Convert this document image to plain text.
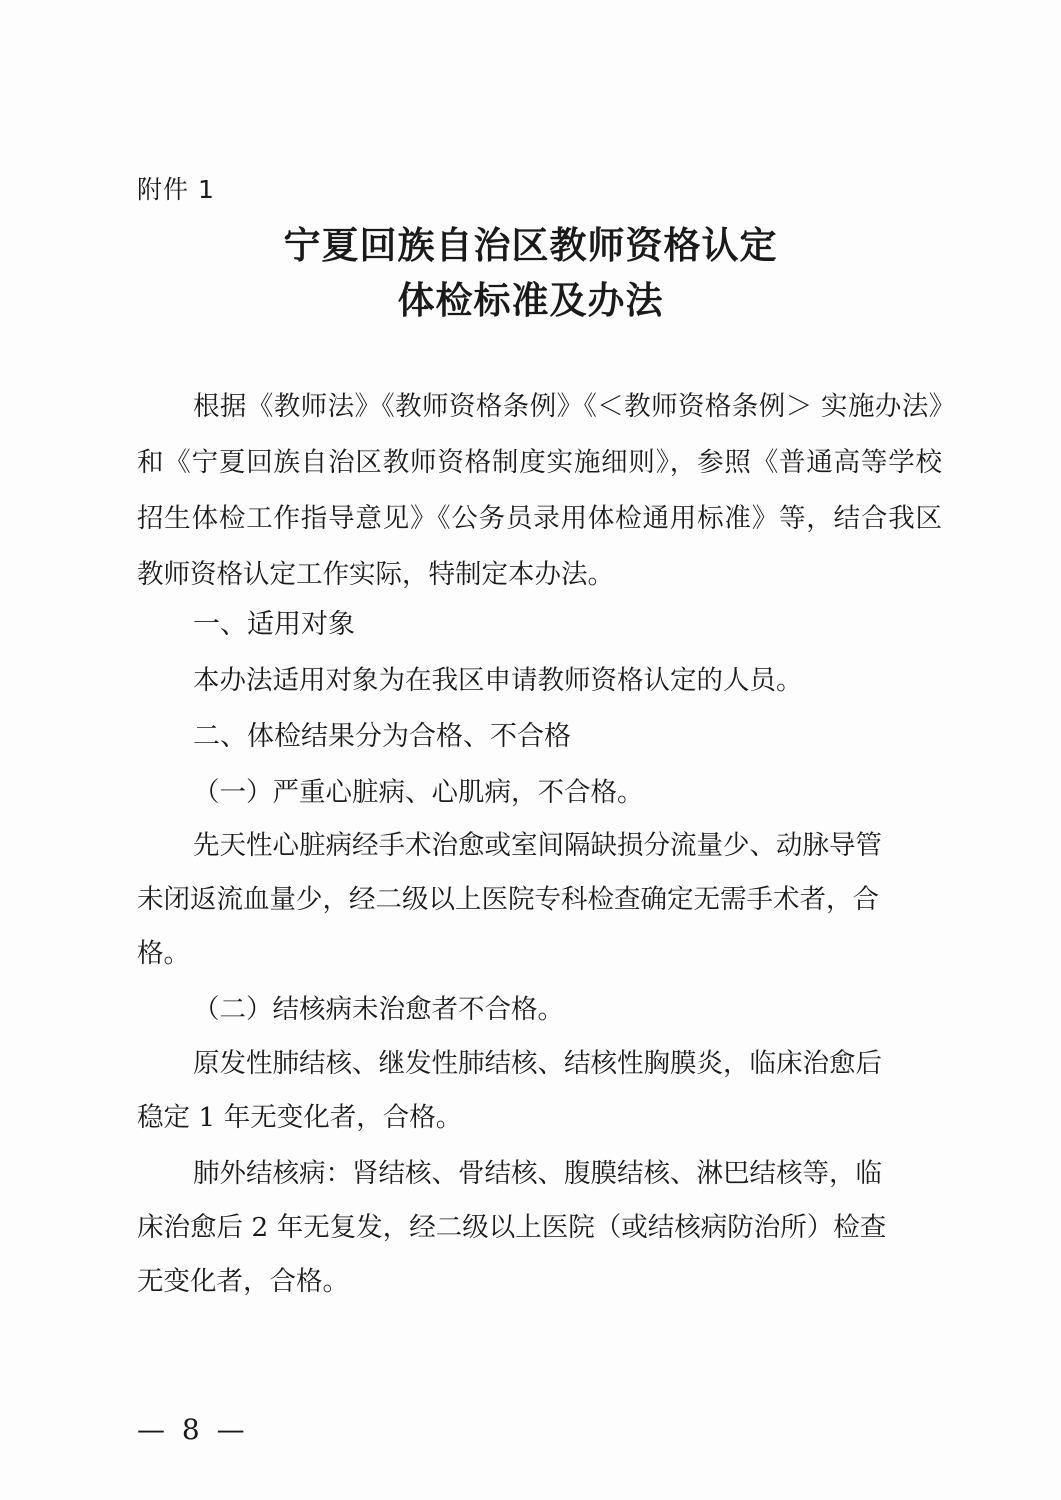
附件 1
宁夏回族自治区教师资格认定
体检标准及办法
根据《教师法》《教师资格条例》《＜教师资格条例＞ 实施办法》和《宁夏回族自治区教师资格制度实施细则》，参照《普通高等学校招生体检工作指导意见》《公务员录用体检通用标准》等，结合我区教师资格认定工作实际，特制定本办法。
一、适用对象
本办法适用对象为在我区申请教师资格认定的人员。
二、体检结果分为合格、不合格
（一）严重心脏病、心肌病，不合格。
先天性心脏病经手术治愈或室间隔缺损分流量少、动脉导管
未闭返流血量少，经二级以上医院专科检查确定无需手术者，合
格。
（二）结核病未治愈者不合格。
原发性肺结核、继发性肺结核、结核性胸膜炎，临床治愈后
稳定 1 年无变化者，合格。
肺外结核病：肾结核、骨结核、腹膜结核、淋巴结核等，临
床治愈后 2 年无复发，经二级以上医院（或结核病防治所）检查
无变化者，合格。
— 8 —
